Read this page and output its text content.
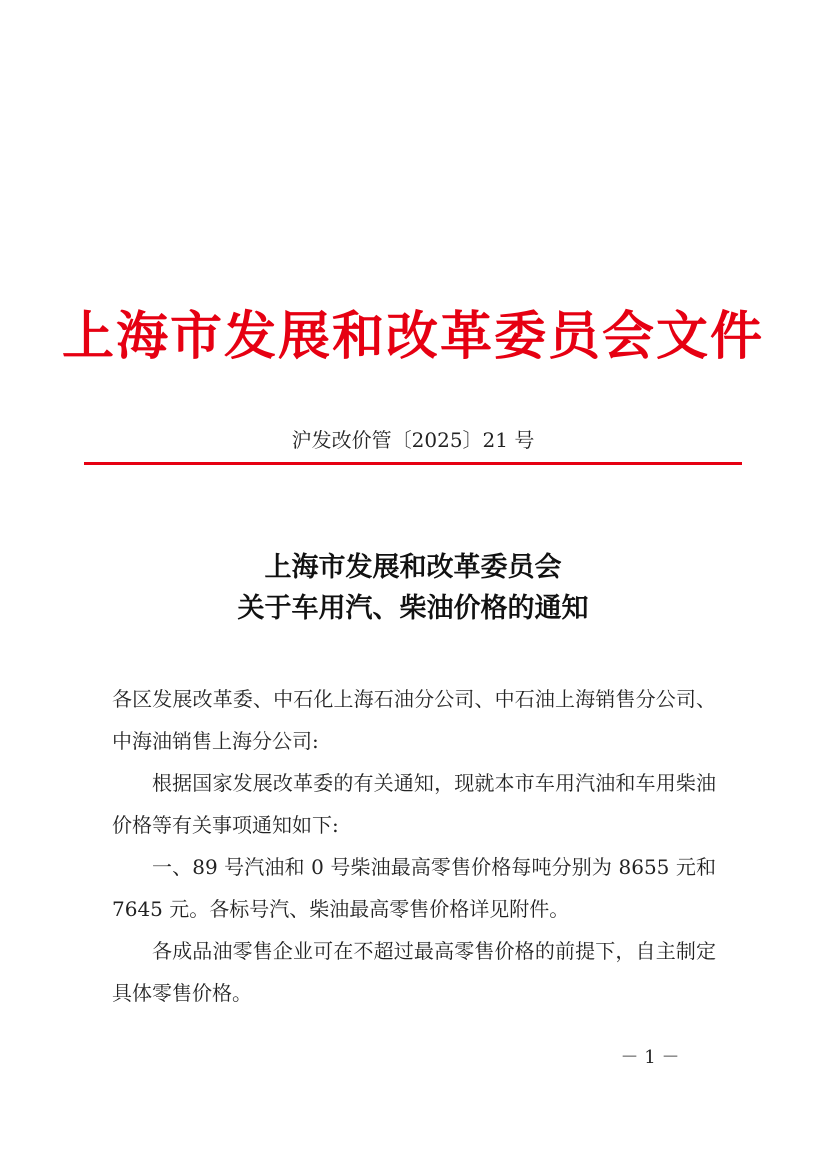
上海市发展和改革委员会文件
沪发改价管〔2025〕21 号
上海市发展和改革委员会
关于车用汽、柴油价格的通知

各区发展改革委、中石化上海石油分公司、中石油上海销售分公司、中海油销售上海分公司:

根据国家发展改革委的有关通知，现就本市车用汽油和车用柴油价格等有关事项通知如下:

一、89 号汽油和 0 号柴油最高零售价格每吨分别为 8655 元和 7645 元。各标号汽、柴油最高零售价格详见附件。

各成品油零售企业可在不超过最高零售价格的前提下，自主制定具体零售价格。

－ 1 －
